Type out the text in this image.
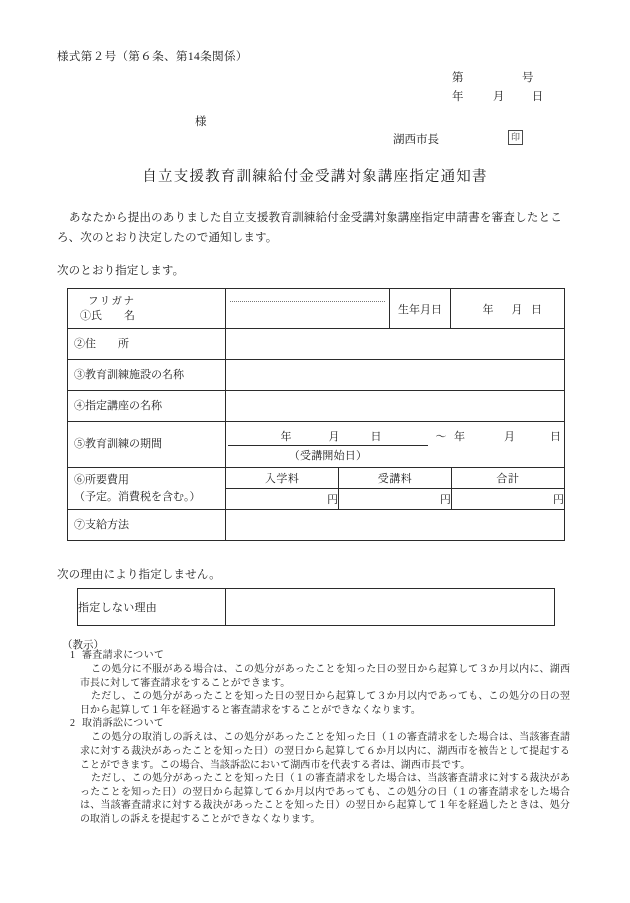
様式第２号（第６条、第14条関係）
第	号
年	月 日
様
湖西市長	印
自立支援教育訓練給付金受講対象講座指定通知書
あなたから提出のありました自立支援教育訓練給付金受講対象講座指定申請書を審査したところ、次のとおり決定したので通知します。
次のとおり指定します。
フリガナ
①氏 名		生年月日	年 月 日

②住 所

③教育訓練施設の名称

④指定講座の名称

⑤教育訓練の期間

年	月	日	～ 年	月	日
（受講開始日）

⑥所要費用
（予定。消費税を含む。）

入学料	受講料	合計
円	円	円

⑦支給方法

次の理由により指定しません。
指定しない理由	
（教示）
1 審査請求について
この処分に不服がある場合は、この処分があったことを知った日の翌日から起算して３か月以内に、湖西市長に対して審査請求をすることができます。
ただし、この処分があったことを知った日の翌日から起算して３か月以内であっても、この処分の日の翌日から起算して１年を経過すると審査請求をすることができなくなります。
2 取消訴訟について
この処分の取消しの訴えは、この処分があったことを知った日（１の審査請求をした場合は、当該審査請求に対する裁決があったことを知った日）の翌日から起算して６か月以内に、湖西市を被告として提起することができます。この場合、当該訴訟において湖西市を代表する者は、湖西市長です。
ただし、この処分があったことを知った日（１の審査請求をした場合は、当該審査請求に対する裁決があったことを知った日）の翌日から起算して６か月以内であっても、この処分の日（１の審査請求をした場合は、当該審査請求に対する裁決があったことを知った日）の翌日から起算して１年を経過したときは、処分の取消しの訴えを提起することができなくなります。
